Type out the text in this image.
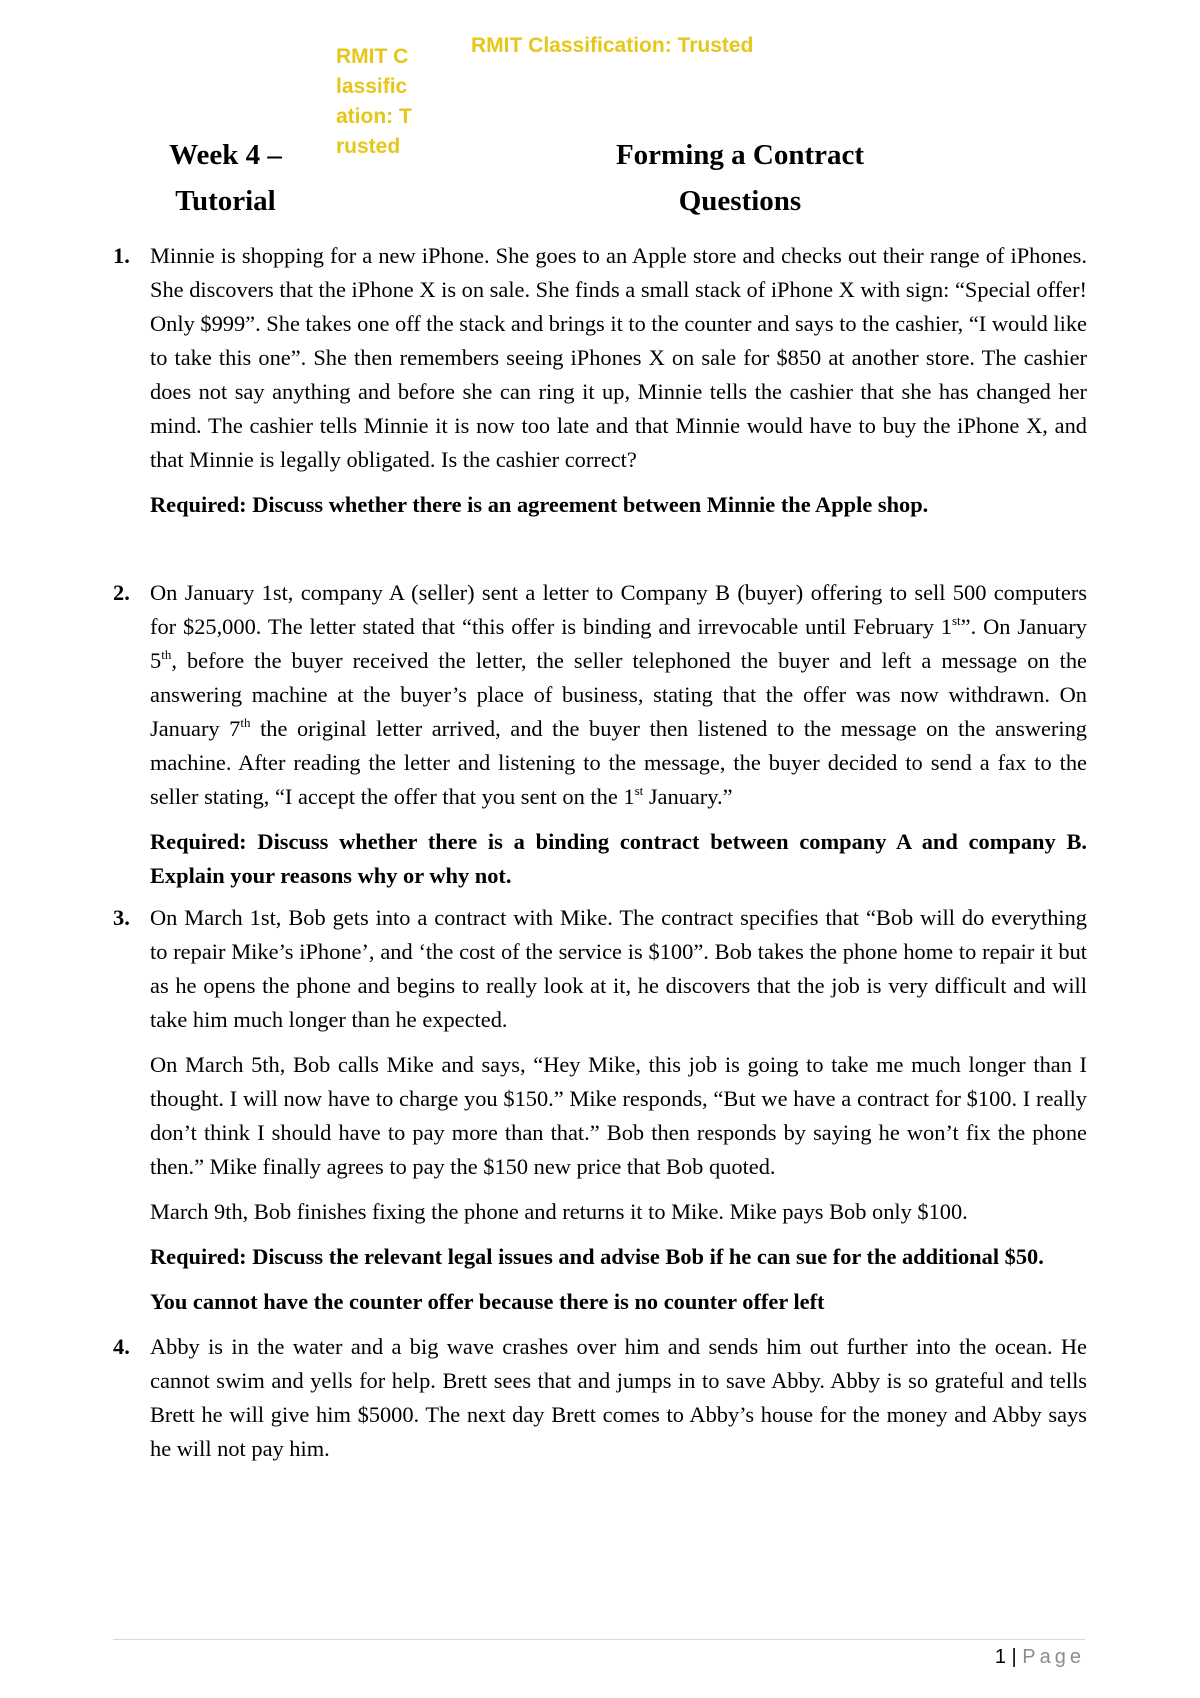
RMIT Classification: Trusted
RMIT Classification: Trusted
Week 4 –
Tutorial
Forming a Contract
Questions
1. Minnie is shopping for a new iPhone. She goes to an Apple store and checks out their range of iPhones. She discovers that the iPhone X is on sale. She finds a small stack of iPhone X with sign: “Special offer! Only $999”. She takes one off the stack and brings it to the counter and says to the cashier, “I would like to take this one”. She then remembers seeing iPhones X on sale for $850 at another store. The cashier does not say anything and before she can ring it up, Minnie tells the cashier that she has changed her mind. The cashier tells Minnie it is now too late and that Minnie would have to buy the iPhone X, and that Minnie is legally obligated. Is the cashier correct?

Required: Discuss whether there is an agreement between Minnie the Apple shop.

2. On January 1st, company A (seller) sent a letter to Company B (buyer) offering to sell 500 computers for $25,000. The letter stated that “this offer is binding and irrevocable until February 1st”. On January 5th, before the buyer received the letter, the seller telephoned the buyer and left a message on the answering machine at the buyer’s place of business, stating that the offer was now withdrawn. On January 7th the original letter arrived, and the buyer then listened to the message on the answering machine. After reading the letter and listening to the message, the buyer decided to send a fax to the seller stating, “I accept the offer that you sent on the 1st January.”

Required: Discuss whether there is a binding contract between company A and company B. Explain your reasons why or why not.

3. On March 1st, Bob gets into a contract with Mike. The contract specifies that “Bob will do everything to repair Mike’s iPhone’, and ‘the cost of the service is $100”. Bob takes the phone home to repair it but as he opens the phone and begins to really look at it, he discovers that the job is very difficult and will take him much longer than he expected.

On March 5th, Bob calls Mike and says, “Hey Mike, this job is going to take me much longer than I thought. I will now have to charge you $150.” Mike responds, “But we have a contract for $100. I really don’t think I should have to pay more than that.” Bob then responds by saying he won’t fix the phone then.” Mike finally agrees to pay the $150 new price that Bob quoted.

March 9th, Bob finishes fixing the phone and returns it to Mike. Mike pays Bob only $100.

Required: Discuss the relevant legal issues and advise Bob if he can sue for the additional $50.

You cannot have the counter offer because there is no counter offer left

4. Abby is in the water and a big wave crashes over him and sends him out further into the ocean. He cannot swim and yells for help. Brett sees that and jumps in to save Abby. Abby is so grateful and tells Brett he will give him $5000. The next day Brett comes to Abby’s house for the money and Abby says he will not pay him.

1 | Page
